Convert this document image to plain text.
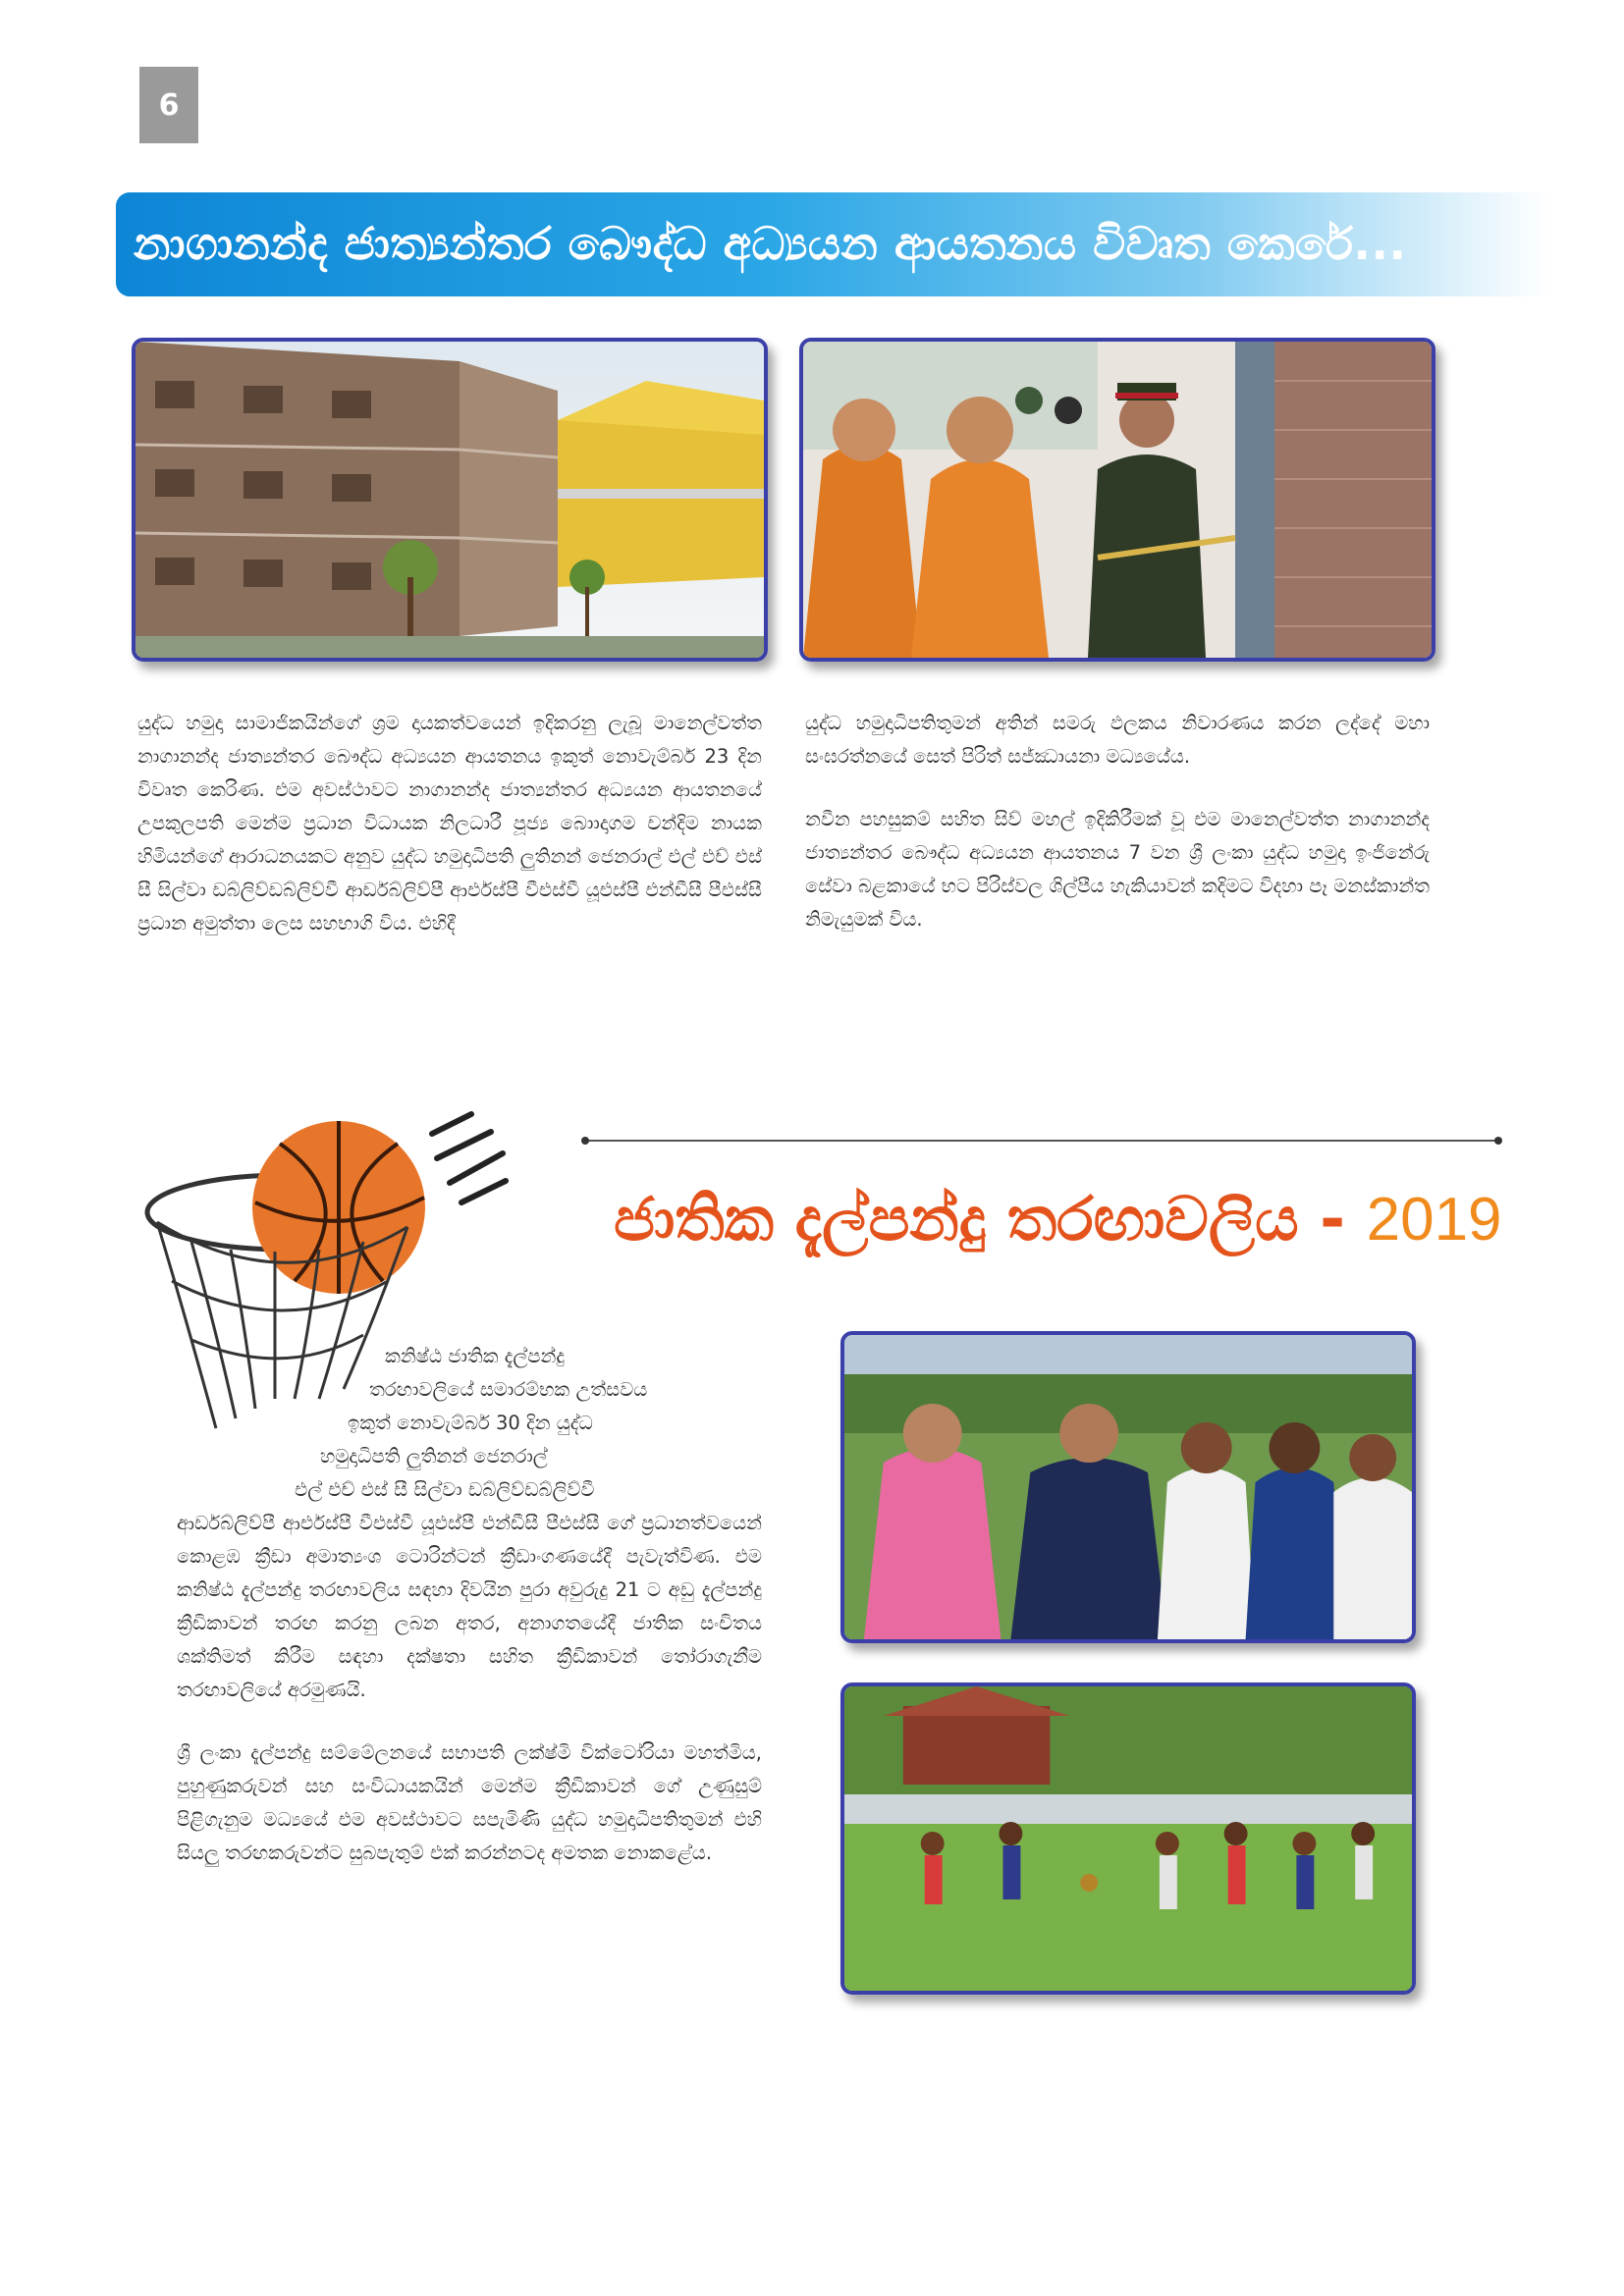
6
නාගානන්ද ජාත්‍යන්තර බෞද්ධ අධ්‍යයන ආයතනය විවෘත කෙරේ...

යුද්ධ හමුදා සාමාජිකයින්ගේ ශ්‍රම දායකත්වයෙන් ඉදිකරනු ලැබූ මානෙල්වත්ත නාගානන්ද ජාත්‍යන්තර බෞද්ධ අධ්‍යයන ආයතනය ඉකුත් නොවැම්බර් 23 දින විවෘත කෙරිණ. එම අවස්ථාවට නාගානන්ද ජාත්‍යන්තර අධ්‍යයන ආයතනයේ උපකුලපති මෙන්ම ප්‍රධාන විධායක නිලධාරී පූජ්‍ය බොාදාගම චන්දිම නායක හිමියන්ගේ ආරාධනයකට අනුව යුද්ධ හමුදාධිපති ලුතිනන් ජෙනරාල් එල් එච් එස් සී සිල්වා ඩබ්ලිව්ඩබ්ලිව්වී ආර්ඩබ්ලිව්පී ආර්එස්පී වීඑස්වී යූඑස්පී එන්ඩීසී පීඑස්සී ප්‍රධාන අමුත්තා ලෙස සහභාගි විය. එහිදී

යුද්ධ හමුදාධිපතිතුමන් අතින් සමරු ඵලකය නිවාරණය කරන ලද්දේ මහා සංඝරත්නයේ සෙත් පිරිත් සජ්ඣායනා මධ්‍යයේය.

නවීන පහසුකම් සහිත සිව් මහල් ඉදිකිරීමක් වූ එම මානෙල්වත්ත නාගානන්ද ජාත්‍යන්තර බෞද්ධ අධ්‍යයන ආයතනය 7 වන ශ්‍රී ලංකා යුද්ධ හමුදා ඉංජිනේරු සේවා බළකායේ භට පිරිස්වල ශිල්පීය හැකියාවන් කදිමට විදහා පෑ මනස්කාන්ත නිමැයුමක් විය.

ජාතික දැල්පන්දු තරඟාවලිය - 2019
කනිෂ්ඨ ජාතික දැල්පන්දු
තරඟාවලියේ සමාරම්භක උත්සවය
ඉකුත් නොවැම්බර් 30 දින යුද්ධ
හමුදාධිපති ලුතිනන් ජෙනරාල්
එල් එච් එස් සී සිල්වා ඩබ්ලිව්ඩබ්ලිව්වී

ආර්ඩබ්ලිව්පී ආර්එස්පී වීඑස්වී යූඑස්පී එන්ඩීසී පීඑස්සී ගේ ප්‍රධානත්වයෙන් කොළඹ ක්‍රීඩා අමාත්‍යංශ ටොරින්ටන් ක්‍රීඩාංගණයේදී පැවැත්විණ. එම කනිෂ්ඨ දැල්පන්දු තරඟාවලිය සඳහා දිවයින පුරා අවුරුදු 21 ට අඩු දැල්පන්දු ක්‍රීඩිකාවන් තරඟ කරනු ලබන අතර, අනාගතයේදී ජාතික සංචිතය ශක්තිමත් කිරීම සඳහා දක්ෂතා සහිත ක්‍රීඩිකාවන් තෝරාගැනීම තරඟාවලියේ අරමුණයි.

ශ්‍රී ලංකා දැල්පන්දු සම්මේලනයේ සභාපති ලක්ෂ්මි වික්ටෝරියා මහත්මිය, පුහුණුකරුවන් සහ සංවිධායකයින් මෙන්ම ක්‍රීඩිකාවන් ගේ උණුසුම් පිළිගැනුම මධ්‍යයේ එම අවස්ථාවට සපැමිණි යුද්ධ හමුදාධිපතිතුමන් එහි සියලු තරඟකරුවන්ට සුබපැතුම් එක් කරන්නටද අමතක නොකළේය.
